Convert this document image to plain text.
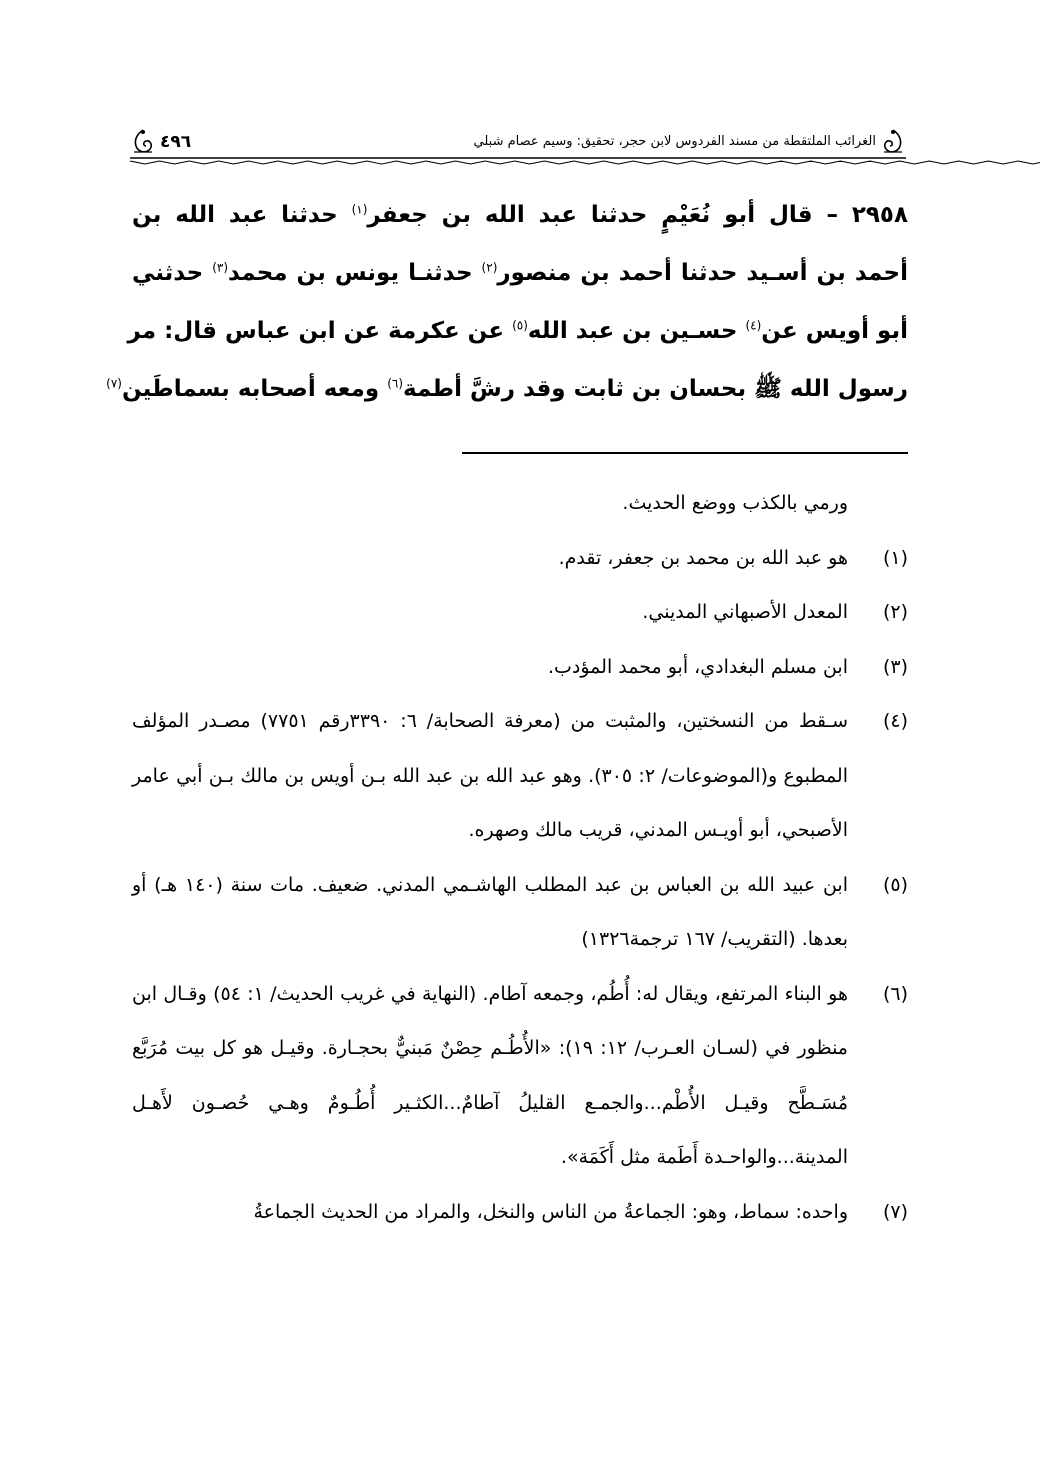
الغرائب الملتقطة من مسند الفردوس لابن حجر، تحقيق: وسيم عصام شبلي
٤٩٦
٢٩٥٨ – قال أبو نُعَيْمٍ حدثنا عبد الله بن جعفر$^{(١)}$ حدثنا عبد الله بن
أحمد بن أسـيد حدثنا أحمد بن منصور$^{(٢)}$ حدثنـا يونس بن محمد$^{(٣)}$ حدثني
أبو أويس عن$^{(٤)}$ حسـين بن عبد الله$^{(٥)}$ عن عكرمة عن ابن عباس قال: مر
رسول الله ﷺ بحسان بن ثابت وقد رشَّ أطمة$^{(٦)}$ ومعه أصحابه بسماطَين$^{(٧)}$
ورمي بالكذب ووضع الحديث.
(١)
هو عبد الله بن محمد بن جعفر، تقدم.
(٢)
المعدل الأصبهاني المديني.
(٣)
ابن مسلم البغدادي، أبو محمد المؤدب.
(٤)
سـقط من النسختين، والمثبت من (معرفة الصحابة/ ٦: ٣٣٩٠رقم ٧٧٥١) مصـدر المؤلف المطبوع و(الموضوعات/ ٢: ٣٠٥). وهو عبد الله بن عبد الله بـن أويس بن مالك بـن أبي عامر الأصبحي، أبو أويـس المدني، قريب مالك وصهره.
(٥)
ابن عبيد الله بن العباس بن عبد المطلب الهاشـمي المدني. ضعيف. مات سنة (١٤٠ هـ) أو بعدها. (التقريب/ ١٦٧ ترجمة١٣٢٦)
(٦)
هو البناء المرتفع، ويقال له: أُطُم، وجمعه آطام. (النهاية في غريب الحديث/ ١: ٥٤) وقـال ابن منظور في (لسـان العـرب/ ١٢: ١٩): «الأُطُـم حِصْنٌ مَبنيٌّ بحجـارة. وقيـل هو كل بيت مُرَبَّع مُسَـطَّح وقيـل الأُطْم...والجمـع القليلُ آطامٌ...الكثـير أُطُـومٌ وهـي حُصـون لأَهـل المدينة...والواحـدة أَطَمة مثل أَكَمَة».
(٧)
واحده: سماط، وهو: الجماعةُ من الناس والنخل، والمراد من الحديث الجماعةُ
